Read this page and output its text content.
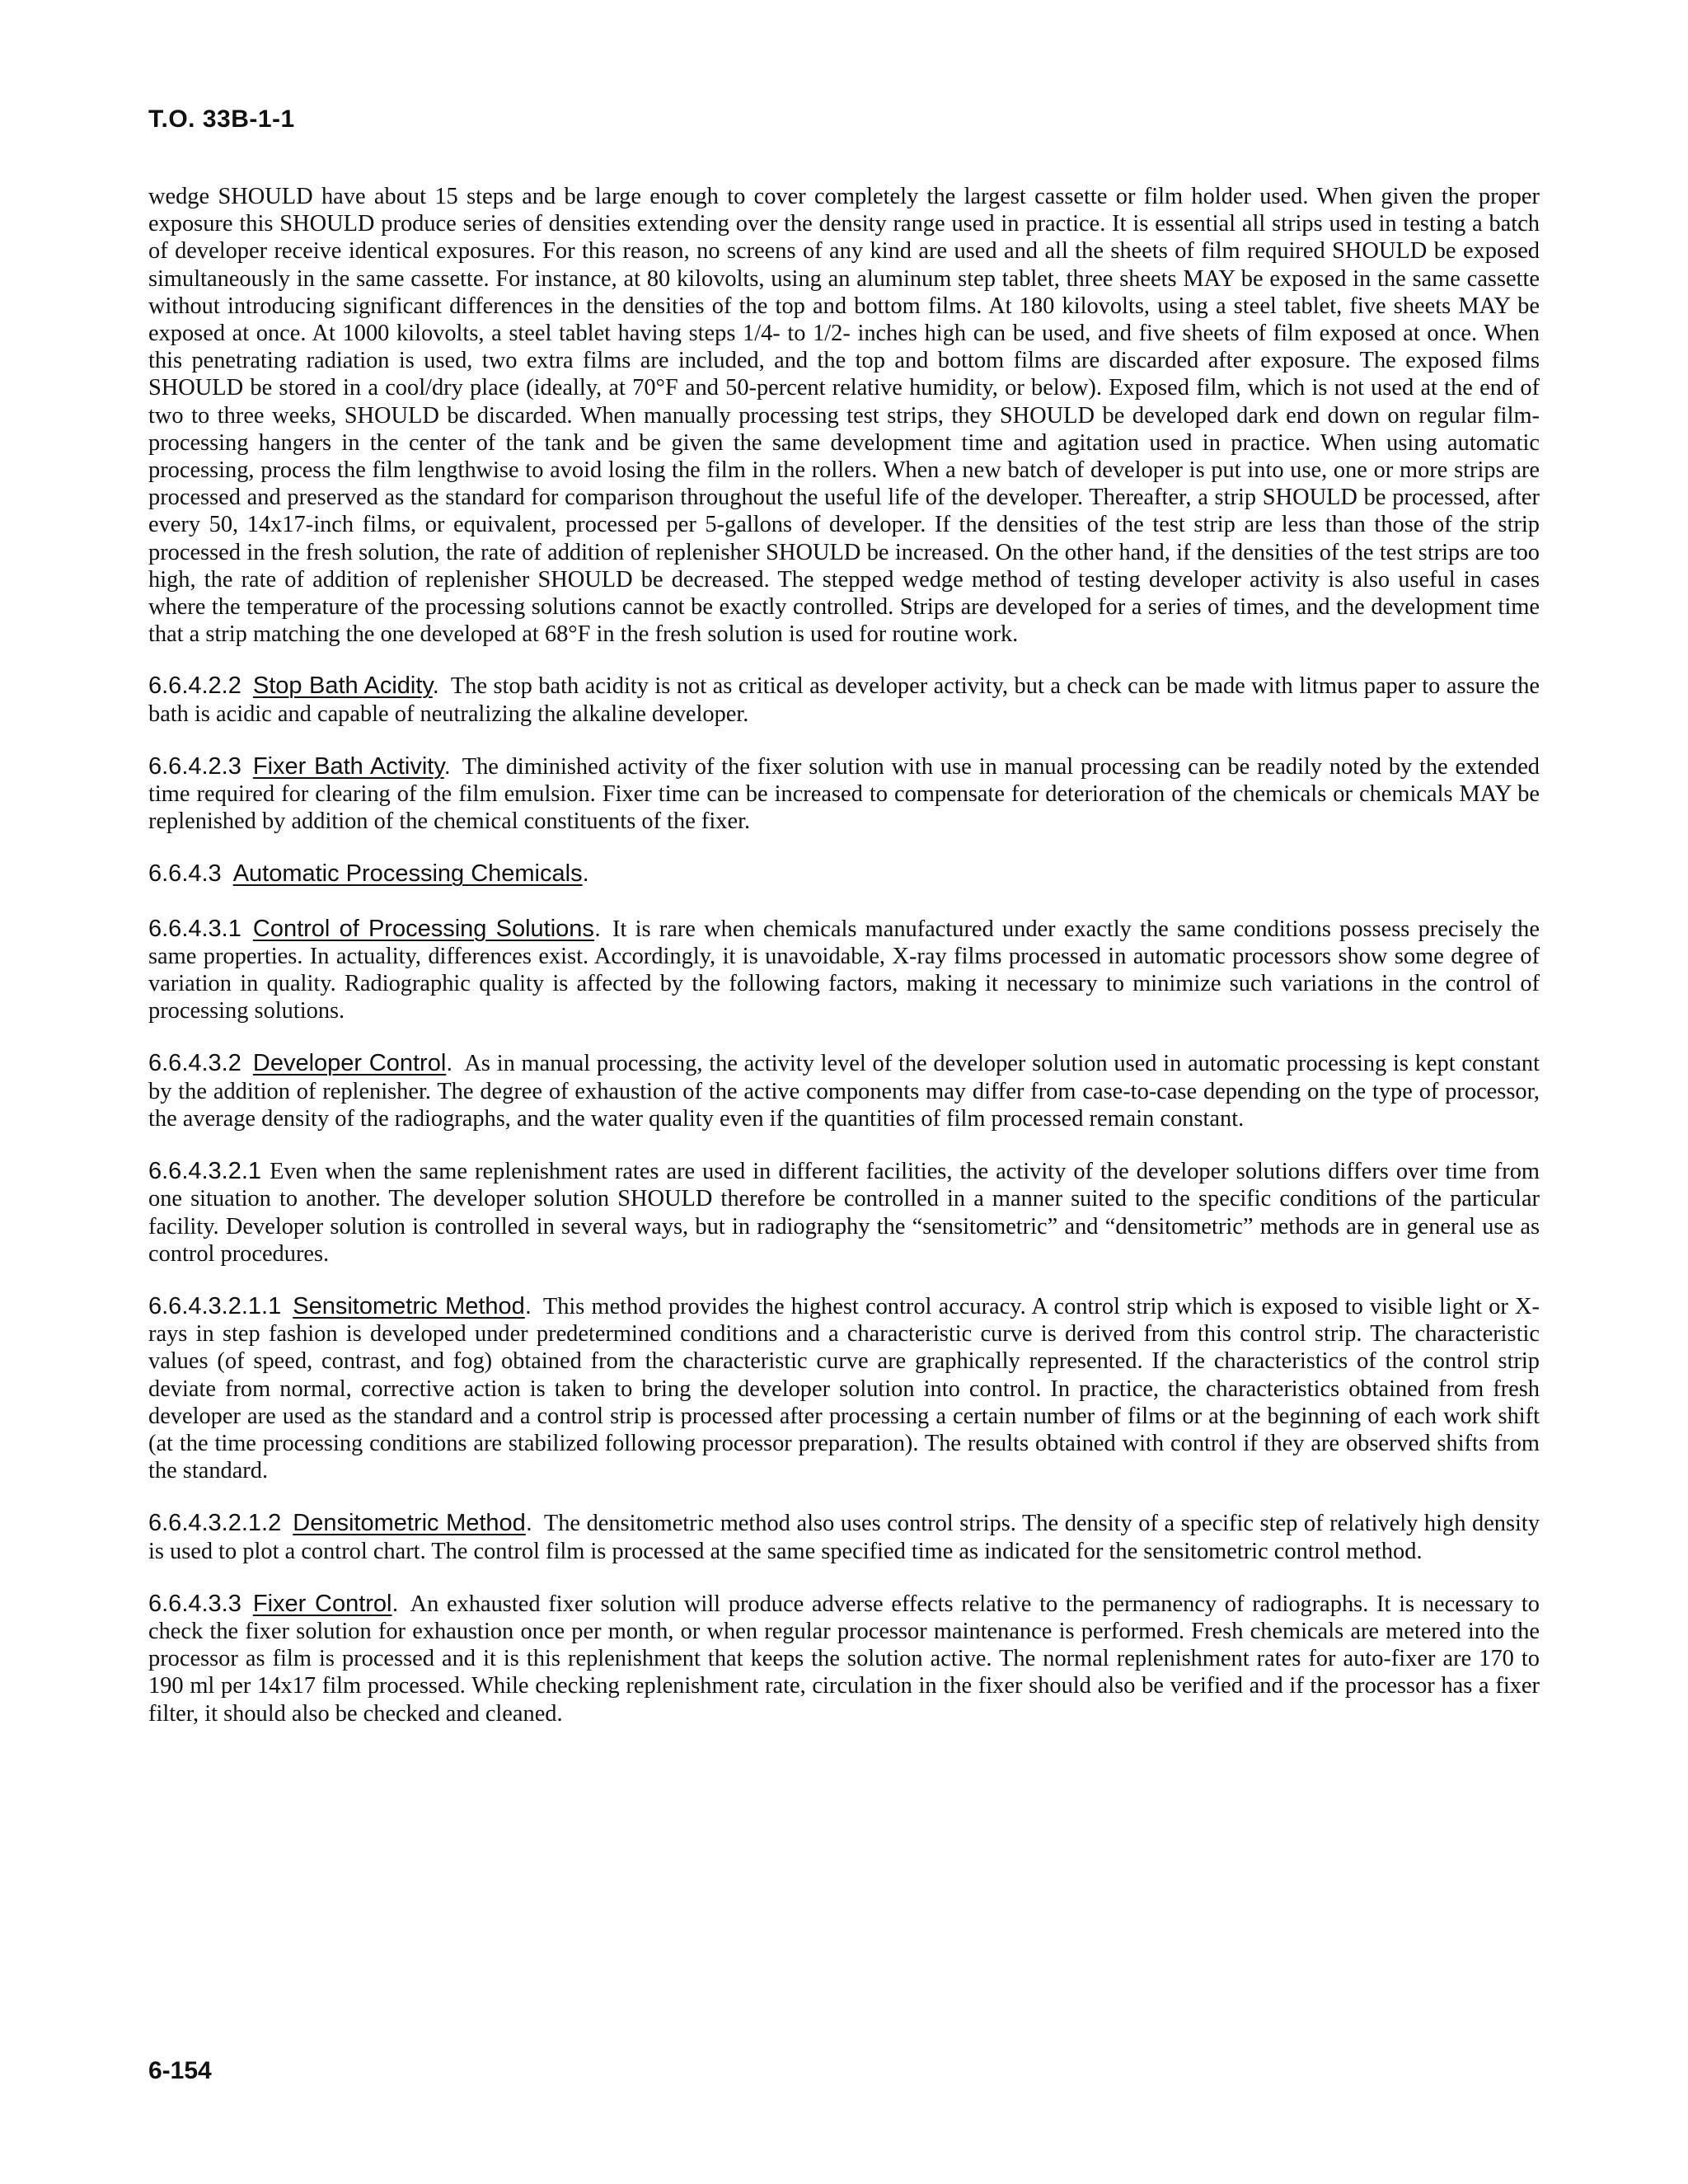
T.O. 33B-1-1

wedge SHOULD have about 15 steps and be large enough to cover completely the largest cassette or film holder used. When given the proper exposure this SHOULD produce series of densities extending over the density range used in practice. It is essential all strips used in testing a batch of developer receive identical exposures. For this reason, no screens of any kind are used and all the sheets of film required SHOULD be exposed simultaneously in the same cassette. For instance, at 80 kilovolts, using an aluminum step tablet, three sheets MAY be exposed in the same cassette without introducing significant differences in the densities of the top and bottom films. At 180 kilovolts, using a steel tablet, five sheets MAY be exposed at once. At 1000 kilovolts, a steel tablet having steps 1/4- to 1/2- inches high can be used, and five sheets of film exposed at once. When this penetrating radiation is used, two extra films are included, and the top and bottom films are discarded after exposure. The exposed films SHOULD be stored in a cool/dry place (ideally, at 70°F and 50-percent relative humidity, or below). Exposed film, which is not used at the end of two to three weeks, SHOULD be discarded. When manually processing test strips, they SHOULD be developed dark end down on regular film-processing hangers in the center of the tank and be given the same development time and agitation used in practice. When using automatic processing, process the film lengthwise to avoid losing the film in the rollers. When a new batch of developer is put into use, one or more strips are processed and preserved as the standard for comparison throughout the useful life of the developer. Thereafter, a strip SHOULD be processed, after every 50, 14x17-inch films, or equivalent, processed per 5-gallons of developer. If the densities of the test strip are less than those of the strip processed in the fresh solution, the rate of addition of replenisher SHOULD be increased. On the other hand, if the densities of the test strips are too high, the rate of addition of replenisher SHOULD be decreased. The stepped wedge method of testing developer activity is also useful in cases where the temperature of the processing solutions cannot be exactly controlled. Strips are developed for a series of times, and the development time that a strip matching the one developed at 68°F in the fresh solution is used for routine work.

6.6.4.2.2 Stop Bath Acidity. The stop bath acidity is not as critical as developer activity, but a check can be made with litmus paper to assure the bath is acidic and capable of neutralizing the alkaline developer.

6.6.4.2.3 Fixer Bath Activity. The diminished activity of the fixer solution with use in manual processing can be readily noted by the extended time required for clearing of the film emulsion. Fixer time can be increased to compensate for deterioration of the chemicals or chemicals MAY be replenished by addition of the chemical constituents of the fixer.

6.6.4.3 Automatic Processing Chemicals.

6.6.4.3.1 Control of Processing Solutions. It is rare when chemicals manufactured under exactly the same conditions possess precisely the same properties. In actuality, differences exist. Accordingly, it is unavoidable, X-ray films processed in automatic processors show some degree of variation in quality. Radiographic quality is affected by the following factors, making it necessary to minimize such variations in the control of processing solutions.

6.6.4.3.2 Developer Control. As in manual processing, the activity level of the developer solution used in automatic processing is kept constant by the addition of replenisher. The degree of exhaustion of the active components may differ from case-to-case depending on the type of processor, the average density of the radiographs, and the water quality even if the quantities of film processed remain constant.

6.6.4.3.2.1 Even when the same replenishment rates are used in different facilities, the activity of the developer solutions differs over time from one situation to another. The developer solution SHOULD therefore be controlled in a manner suited to the specific conditions of the particular facility. Developer solution is controlled in several ways, but in radiography the “sensitometric” and “densitometric” methods are in general use as control procedures.

6.6.4.3.2.1.1 Sensitometric Method. This method provides the highest control accuracy. A control strip which is exposed to visible light or X-rays in step fashion is developed under predetermined conditions and a characteristic curve is derived from this control strip. The characteristic values (of speed, contrast, and fog) obtained from the characteristic curve are graphically represented. If the characteristics of the control strip deviate from normal, corrective action is taken to bring the developer solution into control. In practice, the characteristics obtained from fresh developer are used as the standard and a control strip is processed after processing a certain number of films or at the beginning of each work shift (at the time processing conditions are stabilized following processor preparation). The results obtained with control if they are observed shifts from the standard.

6.6.4.3.2.1.2 Densitometric Method. The densitometric method also uses control strips. The density of a specific step of relatively high density is used to plot a control chart. The control film is processed at the same specified time as indicated for the sensitometric control method.

6.6.4.3.3 Fixer Control. An exhausted fixer solution will produce adverse effects relative to the permanency of radiographs. It is necessary to check the fixer solution for exhaustion once per month, or when regular processor maintenance is performed. Fresh chemicals are metered into the processor as film is processed and it is this replenishment that keeps the solution active. The normal replenishment rates for auto-fixer are 170 to 190 ml per 14x17 film processed. While checking replenishment rate, circulation in the fixer should also be verified and if the processor has a fixer filter, it should also be checked and cleaned.

6-154
